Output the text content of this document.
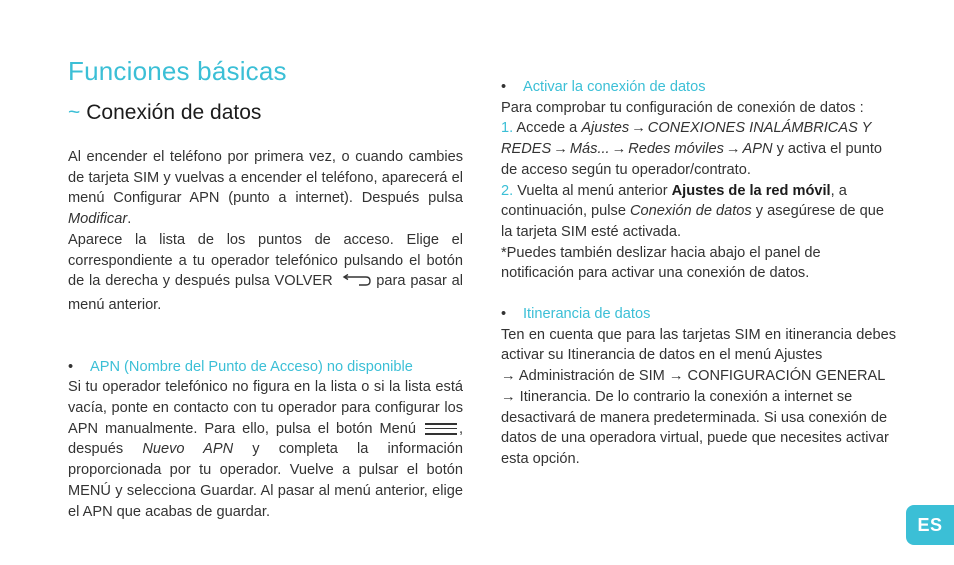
Funciones básicas
~ Conexión de datos

Al encender el teléfono por primera vez, o cuando cambies de tarjeta SIM y vuelvas a encender el teléfono, aparecerá el menú Configurar APN (punto a internet). Después pulsa Modificar.

Aparece la lista de los puntos de acceso. Elige el correspondiente a tu operador telefónico pulsando el botón de la derecha y después pulsa VOLVER	para pasar al menú anterior.

• APN (Nombre del Punto de Acceso) no disponible

Si tu operador telefónico no figura en la lista o si la lista está vacía, ponte en contacto con tu operador para configurar los APN manualmente. Para ello, pulsa el botón Menú	, después Nuevo APN y completa la información proporcionada por tu operador. Vuelve a pulsar el botón MENÚ y selecciona Guardar. Al pasar al menú anterior, elige el APN que acabas de guardar.

• Activar la conexión de datos

Para comprobar tu configuración de conexión de datos :

1. Accede a Ajustes → CONEXIONES INALÁMBRICAS Y REDES → Más... → Redes móviles → APN y activa el punto de acceso según tu operador/contrato.

2. Vuelta al menú anterior Ajustes de la red móvil, a continuación, pulse Conexión de datos y asegúrese de que la tarjeta SIM esté activada.

*Puedes también deslizar hacia abajo el panel de notificación para activar una conexión de datos.

• Itinerancia de datos

Ten en cuenta que para las tarjetas SIM en itinerancia debes activar su Itinerancia de datos en el menú Ajustes

→ Administración de SIM → CONFIGURACIÓN GENERAL → Itinerancia. De lo contrario la conexión a internet se desactivará de manera predeterminada. Si usa conexión de datos de una operadora virtual, puede que necesites activar esta opción.

ES
